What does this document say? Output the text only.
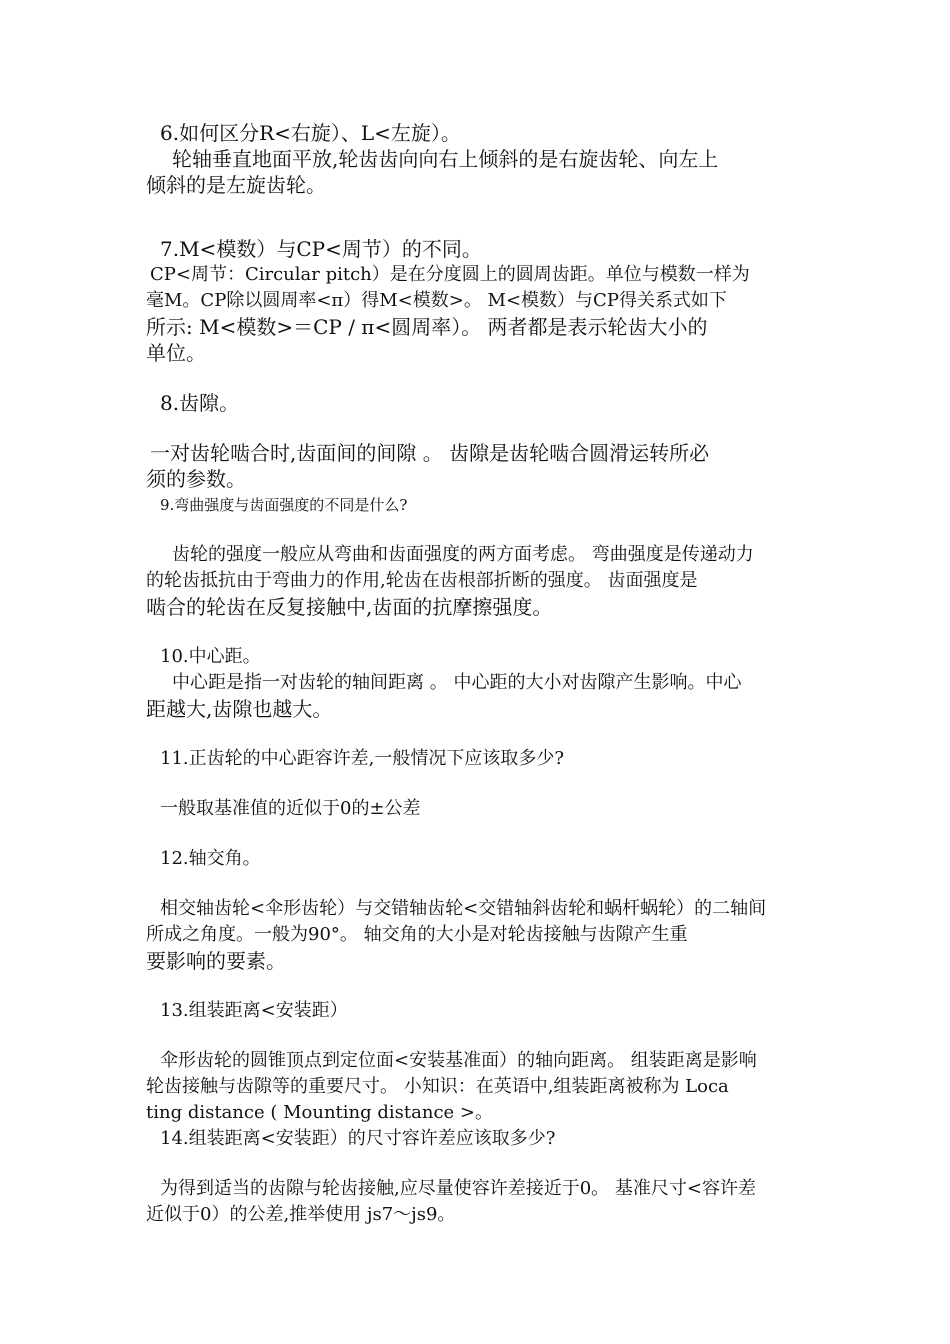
6.如何区分R<右旋）、L<左旋）。

轮轴垂直地面平放,轮齿齿向向右上倾斜的是右旋齿轮、向左上

倾斜的是左旋齿轮。

7.M<模数）与CP<周节）的不同。

CP<周节：Circular pitch）是在分度圆上的圆周齿距。单位与模数一样为

毫M。CP除以圆周率<π）得M<模数>。 M<模数）与CP得关系式如下

所示: M<模数>＝CP / π<圆周率）。 两者都是表示轮齿大小的

单位。

8.齿隙。

一对齿轮啮合时,齿面间的间隙 。 齿隙是齿轮啮合圆滑运转所必

须的参数。

9.弯曲强度与齿面强度的不同是什么?

齿轮的强度一般应从弯曲和齿面强度的两方面考虑。 弯曲强度是传递动力

的轮齿抵抗由于弯曲力的作用,轮齿在齿根部折断的强度。 齿面强度是

啮合的轮齿在反复接触中,齿面的抗摩擦强度。

10.中心距。

中心距是指一对齿轮的轴间距离 。 中心距的大小对齿隙产生影响。中心

距越大,齿隙也越大。

11.正齿轮的中心距容许差,一般情况下应该取多少?

一般取基准值的近似于0的±公差

12.轴交角。

相交轴齿轮<伞形齿轮）与交错轴齿轮<交错轴斜齿轮和蜗杆蜗轮）的二轴间

所成之角度。一般为90°。 轴交角的大小是对轮齿接触与齿隙产生重

要影响的要素。

13.组装距离<安装距）

伞形齿轮的圆锥顶点到定位面<安装基准面）的轴向距离。 组装距离是影响

轮齿接触与齿隙等的重要尺寸。 小知识：在英语中,组装距离被称为 Loca

ting distance ( Mounting distance >。

14.组装距离<安装距）的尺寸容许差应该取多少?

为得到适当的齿隙与轮齿接触,应尽量使容许差接近于0。 基准尺寸<容许差

近似于0）的公差,推举使用 js7～js9。
